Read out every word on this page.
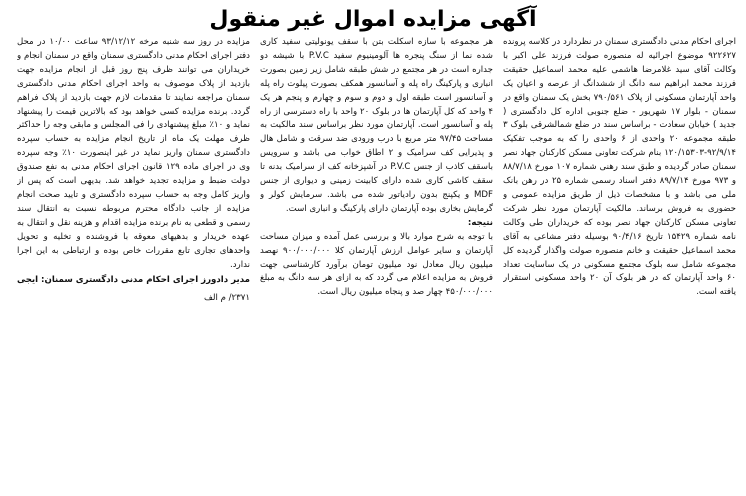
آگهی مزایده اموال غیر منقول

اجرای احکام مدنی دادگستری سمنان در نظردارد در کلاسه پرونده ۹۲۲۶۲۷ موضوع اجرائیه له منصوره صولت فرزند علی اکبر با وکالت آقای سید غلامرضا هاشمی علیه محمد اسماعیل حقیقت فرزند محمد ابراهیم سه دانگ از ششدانگ از عرصه و اعیان یک واحد آپارتمان مسکونی از پلاک ۷۹۰/۵۶۱ بخش یک سمنان واقع در سمنان - بلوار ۱۷ شهریور - ضلع جنوبی اداره کل دادگستری ( جدید ) خیابان سعادت - براساس سند در ضلع شمالشرقی بلوک ۳ طبقه مجموعه ۲۰ واحدی از ۶ واحدی را که به موجب تفکیک ۹۲/۹/۱۴-۱۲۰/۱۵۳۰۳ بنام شرکت تعاونی مسکن کارکنان جهاد نصر سمنان صادر گردیده و طبق سند رهنی شماره ۱۰۷ مورخ ۸۸/۷/۱۸ و ۹۷۳ مورخ ۸۹/۷/۱۴ دفتر اسناد رسمی شماره ۲۵ در رهن بانک ملی می باشد و با مشخصات ذیل از طریق مزایده عمومی و حضوری به فروش برساند. مالکیت آپارتمان مورد نظر شرکت تعاونی مسکن کارکنان جهاد نصر بوده که خریداران طی وکالت نامه شماره ۱۵۴۲۹ تاریخ ۹۰/۴/۱۶ بوسیله دفتر مشاعی به آقای محمد اسماعیل حقیقت و خانم منصوره صولت واگذار گردیده کل مجموعه شامل سه بلوک مجتمع مسکونی در یک ساسایت تعداد ۶۰ واحد آپارتمان که در هر بلوک آن ۲۰ واحد مسکونی استقرار یافته است.

هر مجموعه با سازه اسکلت بتن با سقف یونولیتی سفید کاری شده نما از سنگ پنجره ها آلومینیوم سفید P.V.C با شیشه دو جداره است در هر مجتمع در شش طبقه شامل زیر زمین بصورت انباری و پارکینگ راه پله و آسانسور همکف بصورت پیلوت راه پله و آسانسور است طبقه اول و دوم و سوم و چهارم و پنجم هر یک ۴ واحد که کل آپارتمان ها در بلوک ۲۰ واحد با راه دسترسی از راه پله و آسانسور است. آپارتمان مورد نظر براساس سند مالکیت به مساحت ۹۷/۴۵ متر مربع با درب ورودی ضد سرقت و شامل هال و پذیرایی کف سرامیک و ۲ اطاق خواب می باشد و سرویس باسقف کاذب از جنس P.V.C در آشپزخانه کف از سرامیک بدنه تا سقف کاشی کاری شده دارای کابینت زمینی و دیواری از جنس MDF و یکپنج بدون رادیاتور شده می باشد. سرمایش کولر و گرمایش بخاری بوده آپارتمان دارای پارکینگ و انباری است.

نتیجه:

با توجه به شرح موارد بالا و بررسی عمل آمده و میزان مساحت آپارتمان و سایر عوامل ارزش آپارتمان کلا ۹۰۰/۰۰۰/۰۰۰ نهصد میلیون ریال معادل نود میلیون تومان برآورد کارشناسی جهت فروش به مزایده اعلام می گردد که به ازای هر سه دانگ به مبلغ ۴۵۰/۰۰۰/۰۰۰ چهار صد و پنجاه میلیون ریال است.

مزایده در روز سه شنبه مرخه ۹۳/۱۲/۱۲ ساعت ۱۰/۰۰ در محل دفتر اجرای احکام مدنی دادگستری سمنان واقع در سمنان انجام و خریداران می توانند ظرف پنج روز قبل از انجام مزایده جهت بازدید از پلاک موصوف به واحد اجرای احکام مدنی دادگستری سمنان مراجعه نمایند تا مقدمات لازم جهت بازدید از پلاک فراهم گردد. برنده مزایده کسی خواهد بود که بالاترین قیمت را پیشنهاد نماید و ۱۰٪ مبلغ پیشنهادی را فی المجلس و مابقی وجه را حداکثر ظرف مهلت یک ماه از تاریخ انجام مزایده به حساب سپرده دادگستری سمنان واریز نماید در غیر اینصورت ۱۰٪ وجه سپرده وی در اجرای ماده ۱۲۹ قانون اجرای احکام مدنی به نفع صندوق دولت ضبط و مزایده تجدید خواهد شد. بدیهی است که پس از واریز کامل وجه به حساب سپرده دادگستری و تایید صحت انجام مزایده از جانب دادگاه محترم مربوطه نسبت به انتقال سند رسمی و قطعی به نام برنده مزایده اقدام و هزینه نقل و انتقال به عهده خریدار و بدهیهای معوقه با فروشنده و تخلیه و تحویل واحدهای تجاری تابع مقررات خاص بوده و ارتباطی به این اجرا ندارد.

مدیر دادورز اجرای احکام مدنی دادگستری سمنان: ایجی

۲۳۷۱/ م الف
